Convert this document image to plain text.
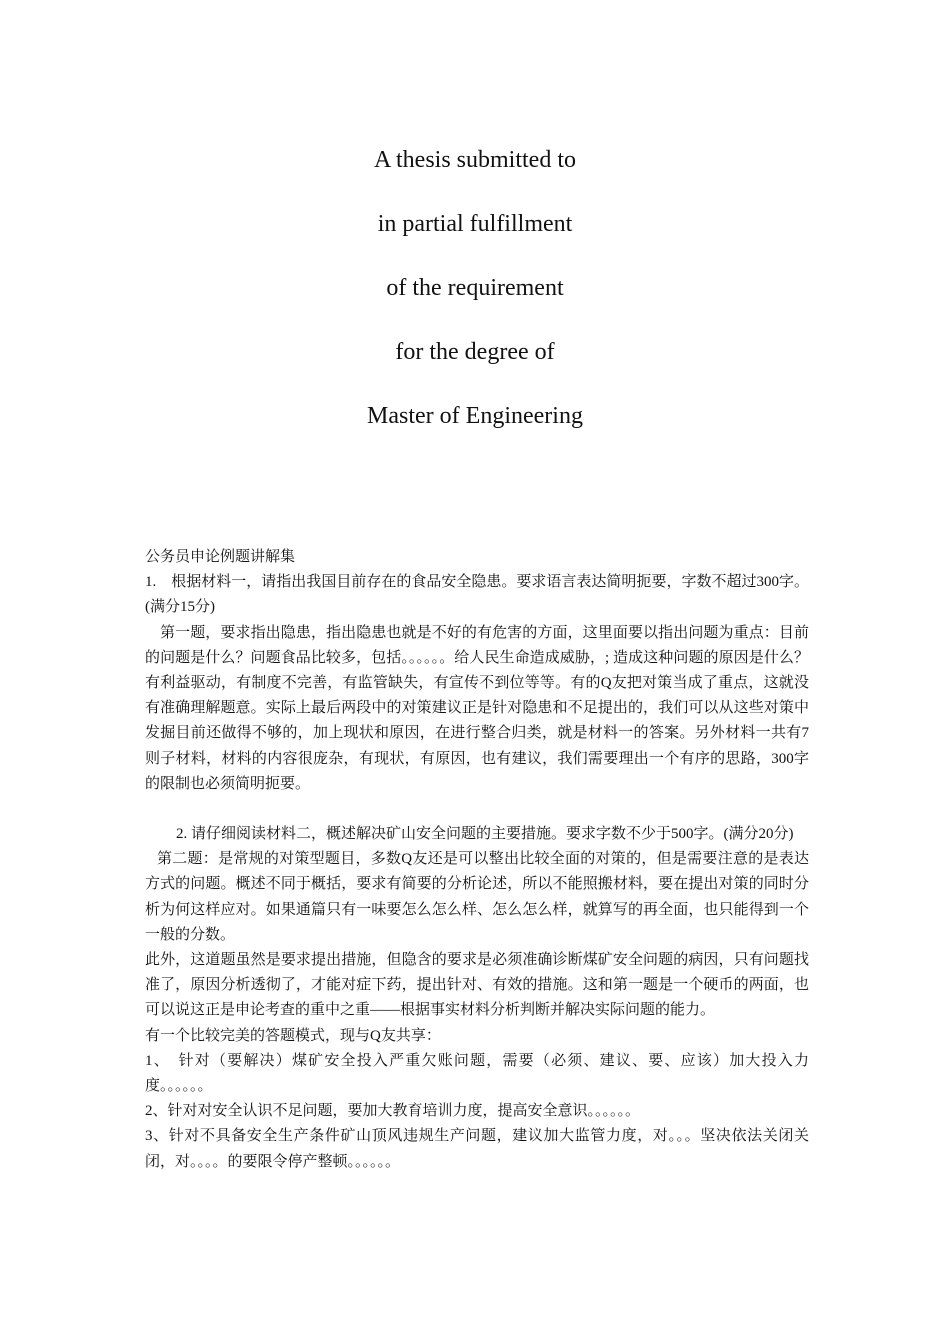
A thesis submitted to
in partial fulfillment
of the requirement
for the degree of
Master of Engineering

公务员申论例题讲解集

1.　根据材料一，请指出我国目前存在的食品安全隐患。要求语言表达简明扼要，字数不超过300字。(满分15分)

第一题，要求指出隐患，指出隐患也就是不好的有危害的方面，这里面要以指出问题为重点：目前的问题是什么？问题食品比较多，包括。。。。。。给人民生命造成威胁，; 造成这种问题的原因是什么？有利益驱动，有制度不完善，有监管缺失，有宣传不到位等等。有的Q友把对策当成了重点，这就没有准确理解题意。实际上最后两段中的对策建议正是针对隐患和不足提出的，我们可以从这些对策中发掘目前还做得不够的，加上现状和原因，在进行整合归类，就是材料一的答案。另外材料一共有7则子材料，材料的内容很庞杂，有现状，有原因，也有建议，我们需要理出一个有序的思路，300字的限制也必须简明扼要。

2. 请仔细阅读材料二，概述解决矿山安全问题的主要措施。要求字数不少于500字。(满分20分)

第二题：是常规的对策型题目，多数Q友还是可以整出比较全面的对策的，但是需要注意的是表达方式的问题。概述不同于概括，要求有简要的分析论述，所以不能照搬材料，要在提出对策的同时分析为何这样应对。如果通篇只有一味要怎么怎么样、怎么怎么样，就算写的再全面，也只能得到一个一般的分数。

此外，这道题虽然是要求提出措施，但隐含的要求是必须准确诊断煤矿安全问题的病因，只有问题找准了，原因分析透彻了，才能对症下药，提出针对、有效的措施。这和第一题是一个硬币的两面，也可以说这正是申论考查的重中之重——根据事实材料分析判断并解决实际问题的能力。

有一个比较完美的答题模式，现与Q友共享：

1、　针对（要解决）煤矿安全投入严重欠账问题，需要（必须、建议、要、应该）加大投入力度。。。。。。

2、针对对安全认识不足问题，要加大教育培训力度，提高安全意识。。。。。。

3、针对不具备安全生产条件矿山顶风违规生产问题，建议加大监管力度，对。。。坚决依法关闭关闭，对。。。。的要限令停产整顿。。。。。。
